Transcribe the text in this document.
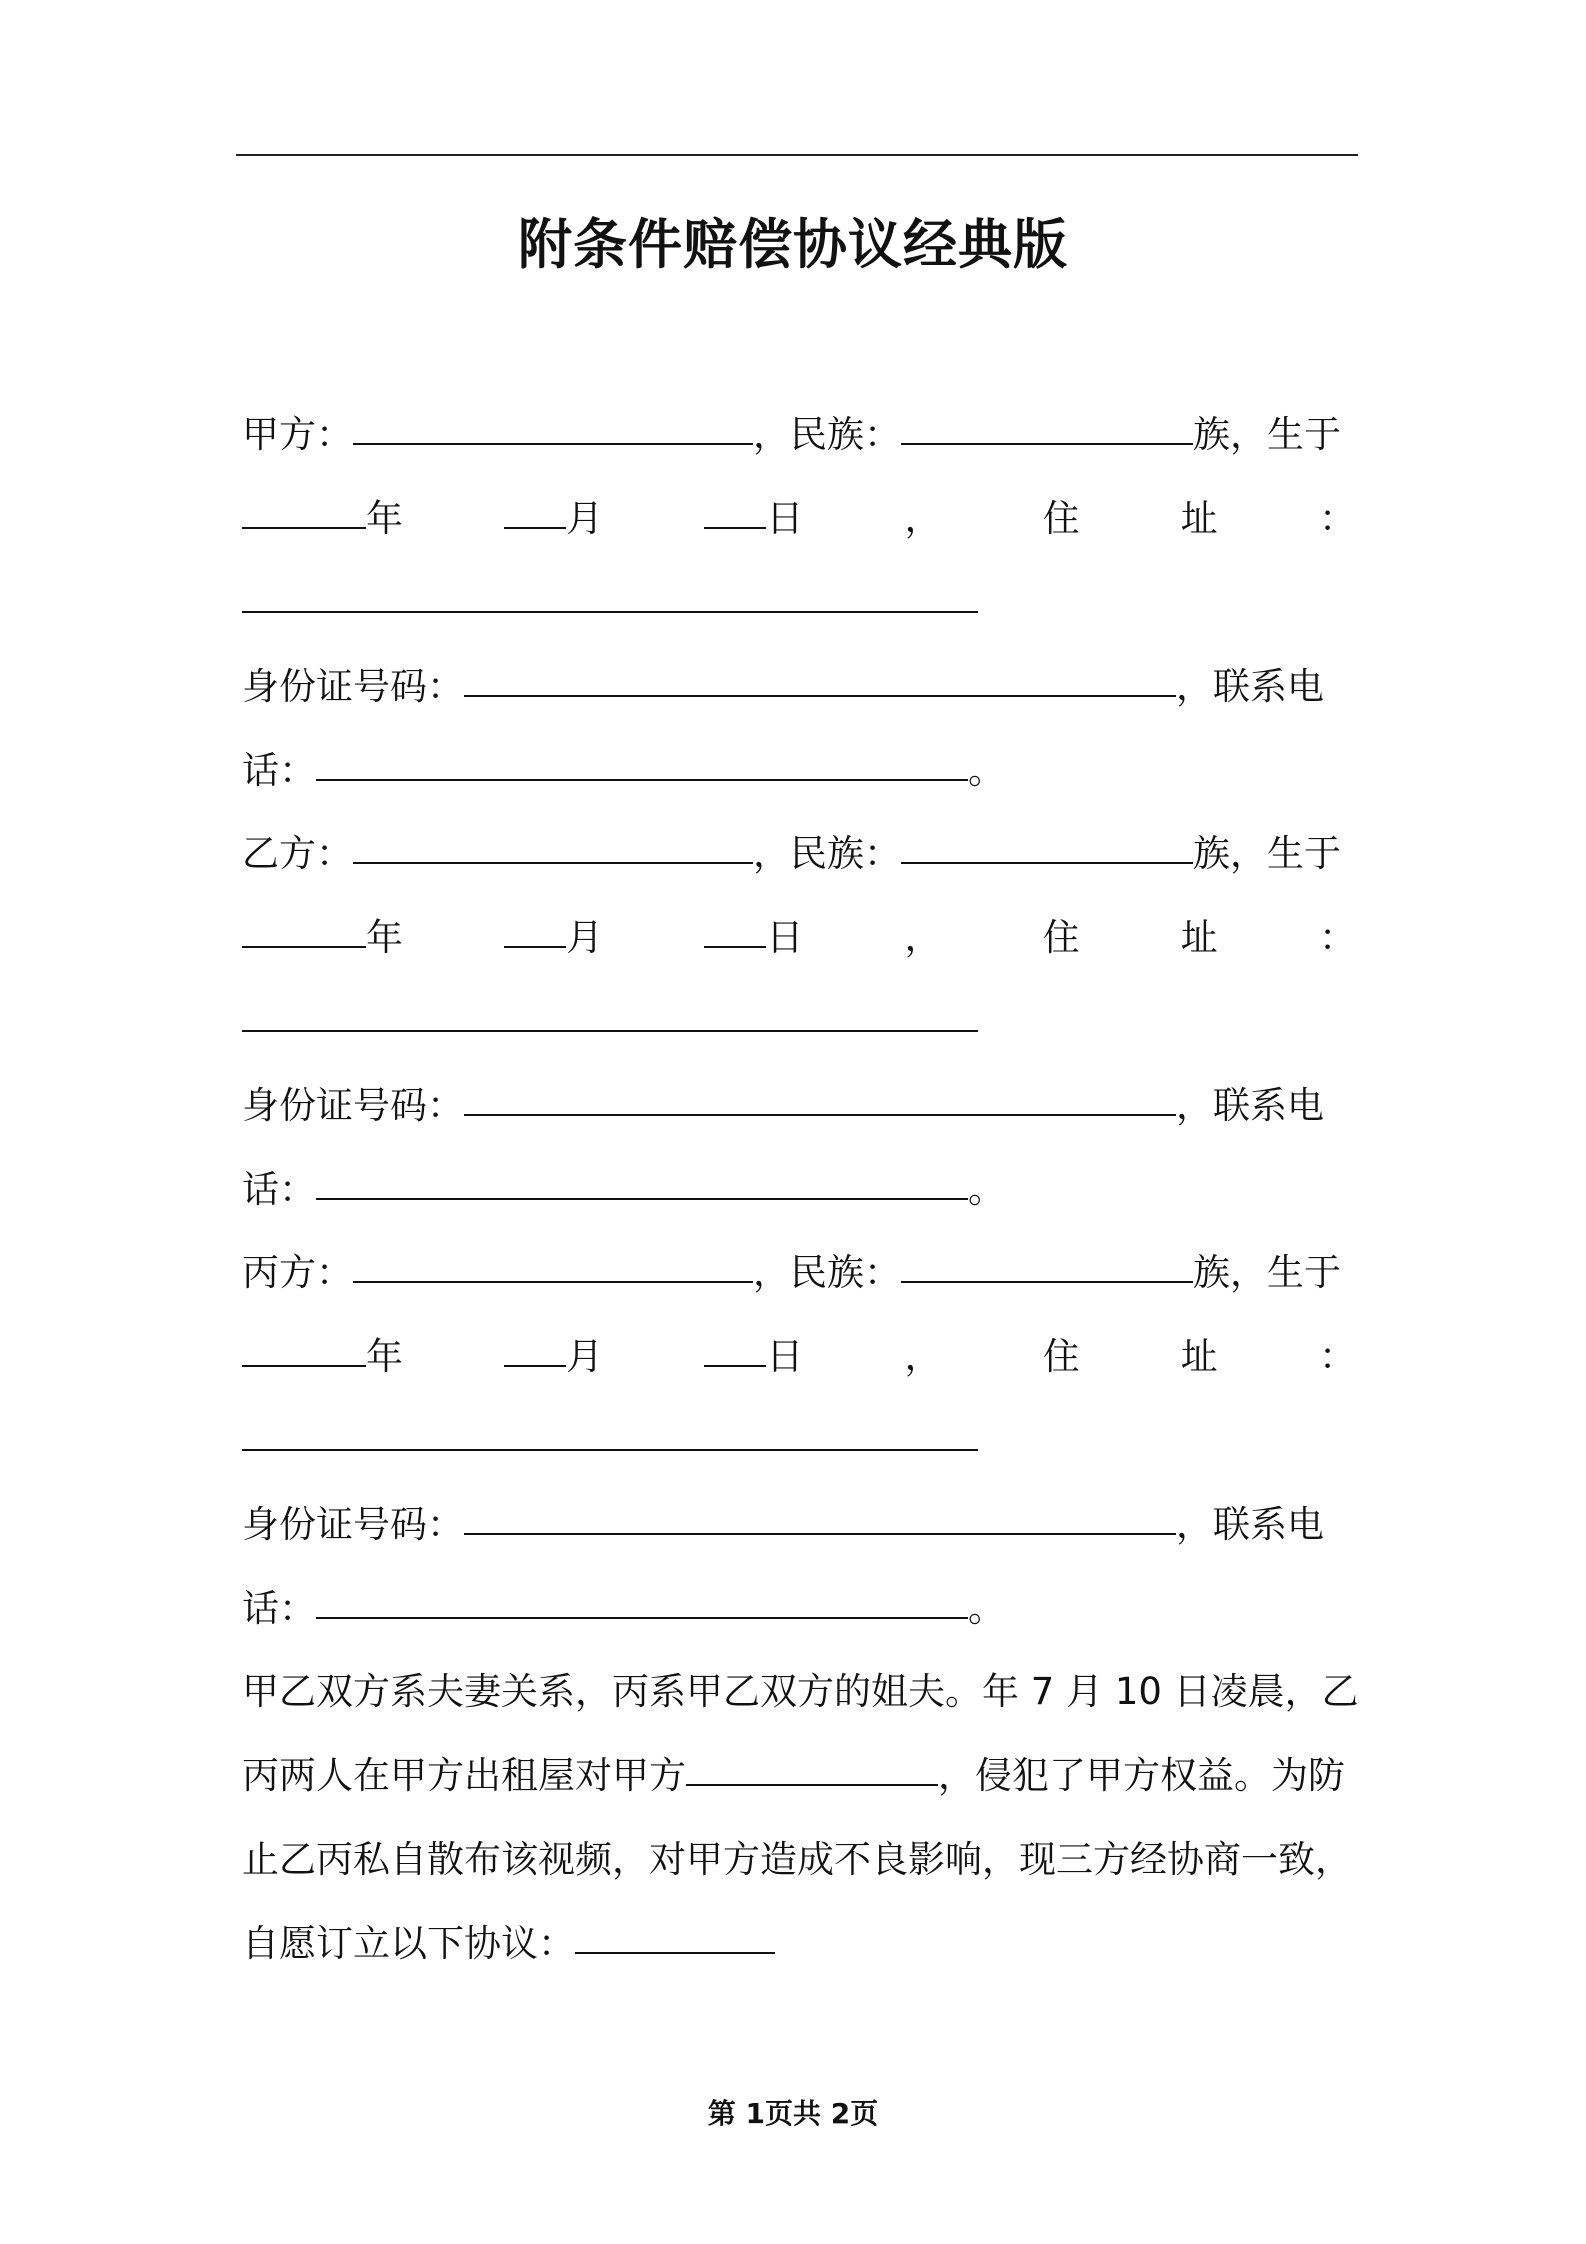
附条件赔偿协议经典版
甲方：	，民族：	族，生于
年	月	日	，	住	址	：
身份证号码：	，联系电
话：	。
乙方：	，民族：	族，生于
年	月	日	，	住	址	：
身份证号码：	，联系电
话：	。
丙方：	，民族：	族，生于
年	月	日	，	住	址	：
身份证号码：	，联系电
话：	。
甲乙双方系夫妻关系，丙系甲乙双方的姐夫。年 7 月 10 日凌晨，乙
丙两人在甲方出租屋对甲方	，侵犯了甲方权益。为防
止乙丙私自散布该视频，对甲方造成不良影响，现三方经协商一致，
自愿订立以下协议：
第 1页共 2页
